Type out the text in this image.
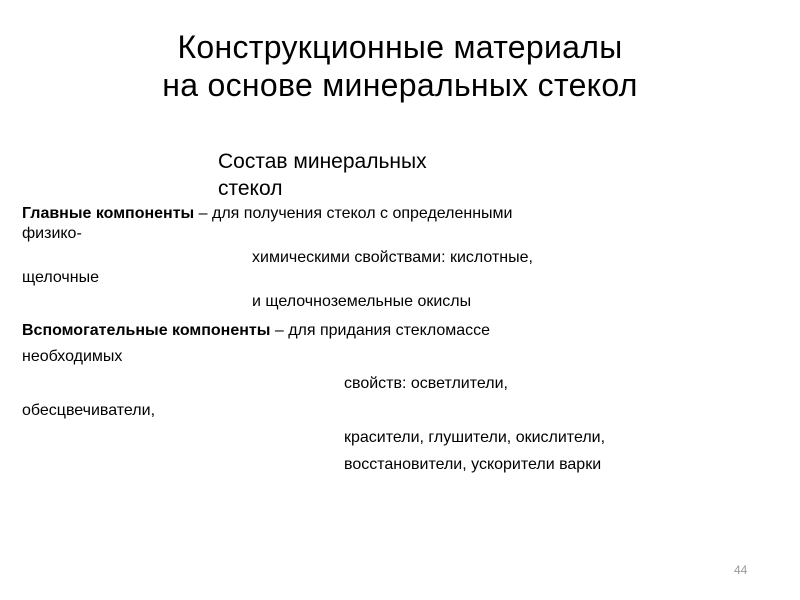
Конструкционные материалы
на основе минеральных стекол
Состав минеральных
стекол
Главные компоненты – для получения стекол с определенными
физико-
химическими свойствами: кислотные,
щелочные
и щелочноземельные окислы
Вспомогательные компоненты – для придания стекломассе
необходимых
свойств: осветлители,
обесцвечиватели,
красители, глушители, окислители,
восстановители, ускорители варки
44
